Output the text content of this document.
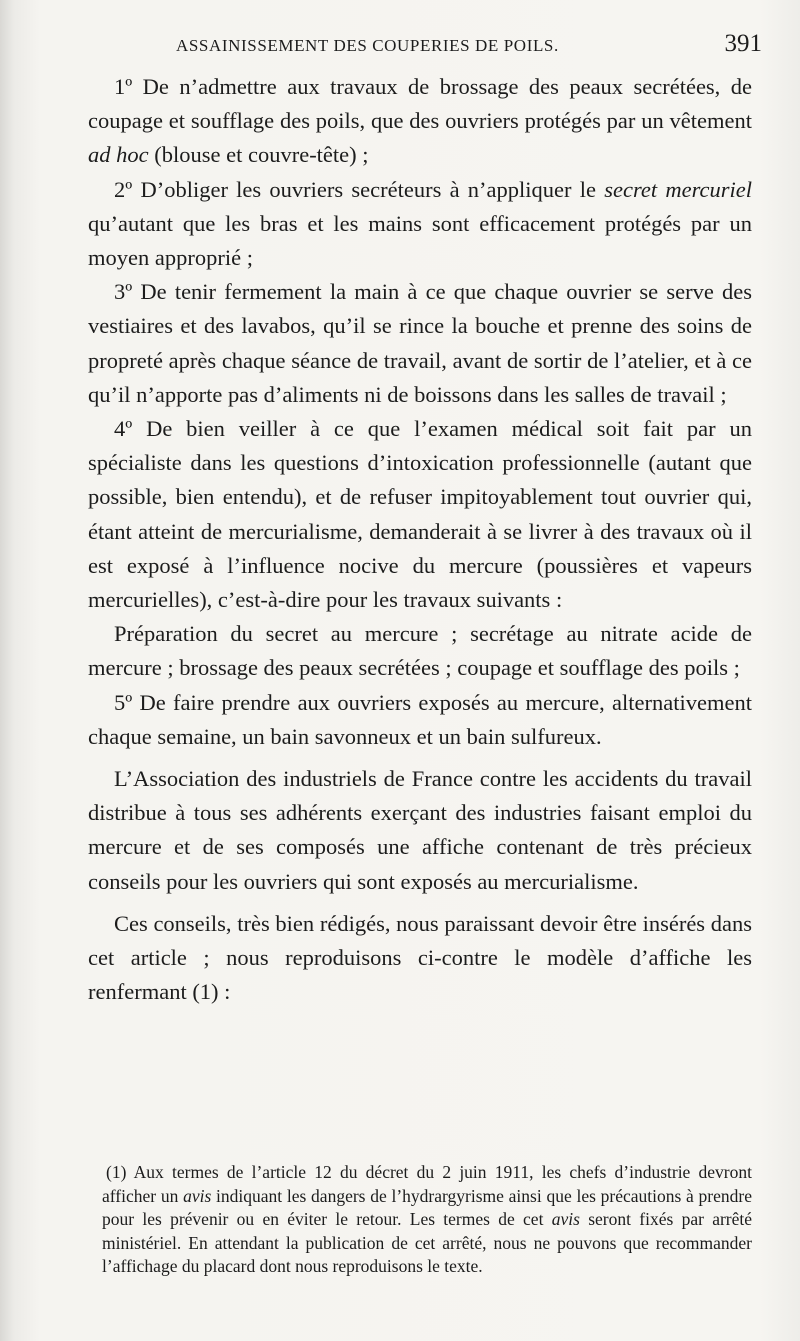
ASSAINISSEMENT DES COUPERIES DE POILS.	391

1º De n’admettre aux travaux de brossage des peaux secrétées, de coupage et soufflage des poils, que des ouvriers protégés par un vêtement ad hoc (blouse et couvre-tête) ;

2º D’obliger les ouvriers secréteurs à n’appliquer le secret mercuriel qu’autant que les bras et les mains sont efficacement protégés par un moyen approprié ;

3º De tenir fermement la main à ce que chaque ouvrier se serve des vestiaires et des lavabos, qu’il se rince la bouche et prenne des soins de propreté après chaque séance de travail, avant de sortir de l’atelier, et à ce qu’il n’apporte pas d’aliments ni de boissons dans les salles de travail ;

4º De bien veiller à ce que l’examen médical soit fait par un spécialiste dans les questions d’intoxication professionnelle (autant que possible, bien entendu), et de refuser impitoyablement tout ouvrier qui, étant atteint de mercurialisme, demanderait à se livrer à des travaux où il est exposé à l’influence nocive du mercure (poussières et vapeurs mercurielles), c’est-à-dire pour les travaux suivants :

Préparation du secret au mercure ; secrétage au nitrate acide de mercure ; brossage des peaux secrétées ; coupage et soufflage des poils ;

5º De faire prendre aux ouvriers exposés au mercure, alternativement chaque semaine, un bain savonneux et un bain sulfureux.

L’Association des industriels de France contre les accidents du travail distribue à tous ses adhérents exerçant des industries faisant emploi du mercure et de ses composés une affiche contenant de très précieux conseils pour les ouvriers qui sont exposés au mercurialisme.

Ces conseils, très bien rédigés, nous paraissant devoir être insérés dans cet article ; nous reproduisons ci-contre le modèle d’affiche les renfermant (1) :

(1) Aux termes de l’article 12 du décret du 2 juin 1911, les chefs d’industrie devront afficher un avis indiquant les dangers de l’hydrargyrisme ainsi que les précautions à prendre pour les prévenir ou en éviter le retour. Les termes de cet avis seront fixés par arrêté ministériel. En attendant la publication de cet arrêté, nous ne pouvons que recommander l’affichage du placard dont nous reproduisons le texte.
